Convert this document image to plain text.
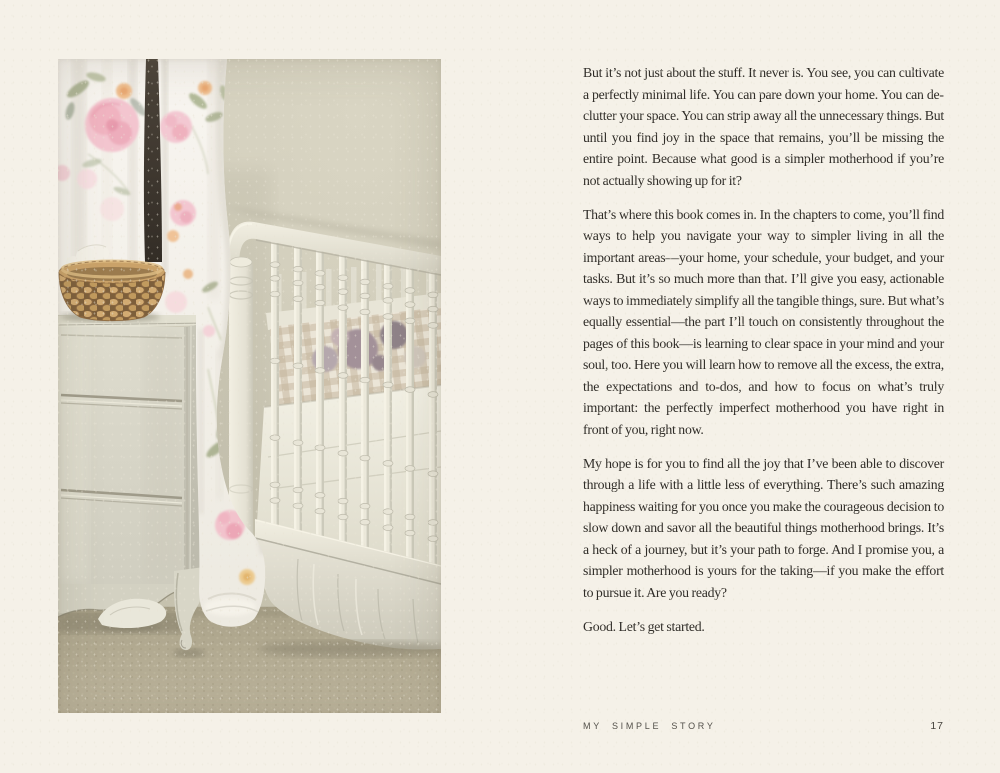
But it’s not just about the stuff. It never is. You see, you can cultivate a perfectly minimal life. You can pare down your home. You can declutter your space. You can strip away all the unnecessary things. But until you find joy in the space that remains, you’ll be missing the entire point. Because what good is a simpler motherhood if you’re not actually showing up for it?

That’s where this book comes in. In the chapters to come, you’ll find ways to help you navigate your way to simpler living in all the important areas—your home, your schedule, your budget, and your tasks. But it’s so much more than that. I’ll give you easy, actionable ways to immediately simplify all the tangible things, sure. But what’s equally essential—the part I’ll touch on consistently throughout the pages of this book—is learning to clear space in your mind and your soul, too. Here you will learn how to remove all the excess, the extra, the expectations and to-dos, and how to focus on what’s truly important: the perfectly imperfect motherhood you have right in front of you, right now.

My hope is for you to find all the joy that I’ve been able to discover through a life with a little less of everything. There’s such amazing happiness waiting for you once you make the courageous decision to slow down and savor all the beautiful things motherhood brings. It’s a heck of a journey, but it’s your path to forge. And I promise you, a simpler motherhood is yours for the taking—if you make the effort to pursue it. Are you ready?

Good. Let’s get started.

MY SIMPLE STORY	17
